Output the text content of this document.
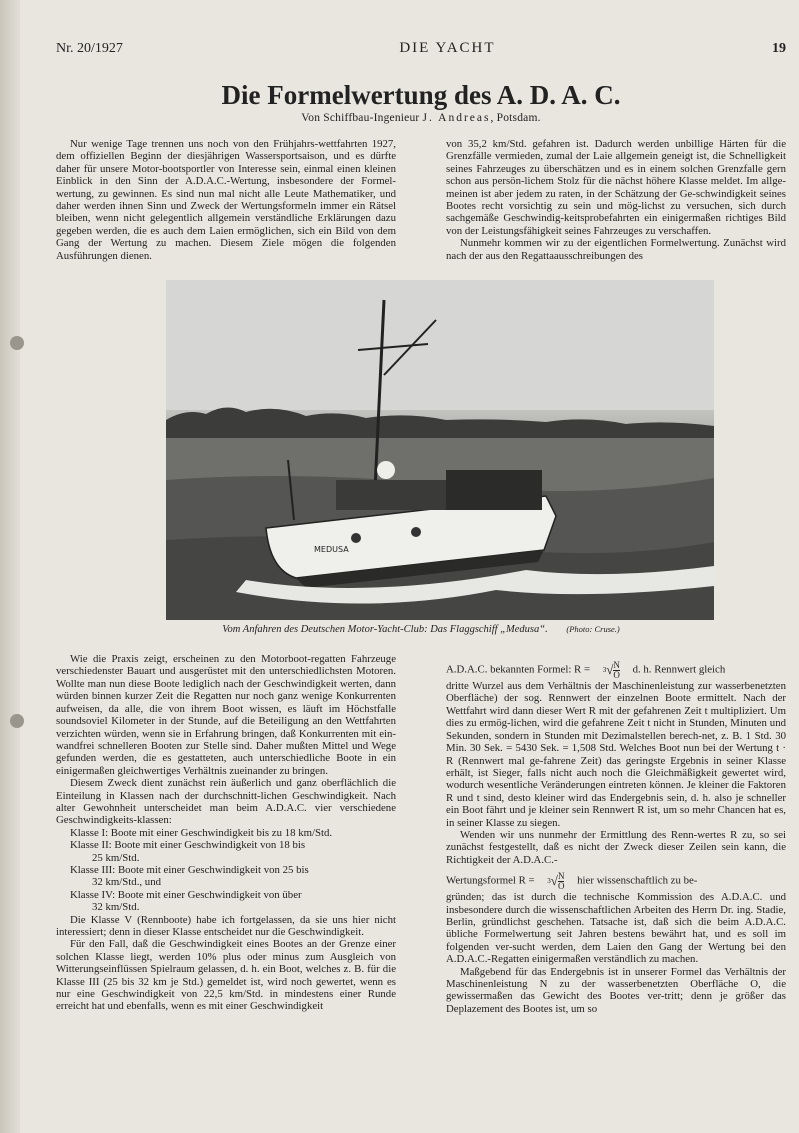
Nr. 20/1927	DIE YACHT	19
Die Formelwertung des A. D. A. C.
Von Schiffbau-Ingenieur J. Andreas, Potsdam.

Nur wenige Tage trennen uns noch von den Frühjahrs-wettfahrten 1927, dem offiziellen Beginn der diesjährigen Wassersportsaison, und es dürfte daher für unsere Motor-bootsportler von Interesse sein, einmal einen kleinen Einblick in den Sinn der A.D.A.C.-Wertung, insbesondere der Formel-wertung, zu gewinnen. Es sind nun mal nicht alle Leute Mathematiker, und daher werden ihnen Sinn und Zweck der Wertungsformeln immer ein Rätsel bleiben, wenn nicht gelegentlich allgemein verständliche Erklärungen dazu gegeben werden, die es auch dem Laien ermöglichen, sich ein Bild von dem Gang der Wertung zu machen. Diesem Ziele mögen die folgenden Ausführungen dienen.

von 35,2 km/Std. gefahren ist. Dadurch werden unbillige Härten für die Grenzfälle vermieden, zumal der Laie allgemein geneigt ist, die Schnelligkeit seines Fahrzeuges zu überschätzen und es in einem solchen Grenzfalle gern schon aus persön-lichem Stolz für die nächst höhere Klasse meldet. Im allge-meinen ist aber jedem zu raten, in der Schätzung der Ge-schwindigkeit seines Bootes recht vorsichtig zu sein und mög-lichst zu versuchen, sich durch sachgemäße Geschwindig-keitsprobefahrten ein einigermaßen richtiges Bild von der Leistungsfähigkeit seines Fahrzeuges zu verschaffen.

Nunmehr kommen wir zu der eigentlichen Formelwertung. Zunächst wird nach der aus den Regattaausschreibungen des

MEDUSA
Vom Anfahren des Deutschen Motor-Yacht-Club: Das Flaggschiff „Medusa“. (Photo: Cruse.)

Wie die Praxis zeigt, erscheinen zu den Motorboot-regatten Fahrzeuge verschiedenster Bauart und ausgerüstet mit den unterschiedlichsten Motoren. Wollte man nun diese Boote lediglich nach der Geschwindigkeit werten, dann würden binnen kurzer Zeit die Regatten nur noch ganz wenige Konkurrenten aufweisen, da alle, die von ihrem Boot wissen, es läuft im Höchstfalle soundsoviel Kilometer in der Stunde, auf die Beteiligung an den Wettfahrten verzichten würden, wenn sie in Erfahrung bringen, daß Konkurrenten mit ein-wandfrei schnelleren Booten zur Stelle sind. Daher mußten Mittel und Wege gefunden werden, die es gestatteten, auch unterschiedliche Boote in ein einigermaßen gleichwertiges Verhältnis zueinander zu bringen.

Diesem Zweck dient zunächst rein äußerlich und ganz oberflächlich die Einteilung in Klassen nach der durchschnitt-lichen Geschwindigkeit. Nach alter Gewohnheit unterscheidet man beim A.D.A.C. vier verschiedene Geschwindigkeits-klassen:

Klasse I: Boote mit einer Geschwindigkeit bis zu 18 km/Std.
Klasse II: Boote mit einer Geschwindigkeit von 18 bis
25 km/Std.
Klasse III: Boote mit einer Geschwindigkeit von 25 bis
32 km/Std., und
Klasse IV: Boote mit einer Geschwindigkeit von über
32 km/Std.

Die Klasse V (Rennboote) habe ich fortgelassen, da sie uns hier nicht interessiert; denn in dieser Klasse entscheidet nur die Geschwindigkeit.

Für den Fall, daß die Geschwindigkeit eines Bootes an der Grenze einer solchen Klasse liegt, werden 10% plus oder minus zum Ausgleich von Witterungseinflüssen Spielraum gelassen, d. h. ein Boot, welches z. B. für die Klasse III (25 bis 32 km je Std.) gemeldet ist, wird noch gewertet, wenn es nur eine Geschwindigkeit von 22,5 km/Std. in mindestens einer Runde erreicht hat und ebenfalls, wenn es mit einer Geschwindigkeit

A.D.A.C. bekannten Formel: R = 3 √ $\frac{N}{O} d$. h. Rennwert gleich

dritte Wurzel aus dem Verhältnis der Maschinenleistung zur wasserbenetzten Oberfläche) der sog. Rennwert der einzelnen Boote ermittelt. Nach der Wettfahrt wird dann dieser Wert R mit der gefahrenen Zeit t multipliziert. Um dies zu ermög-lichen, wird die gefahrene Zeit t nicht in Stunden, Minuten und Sekunden, sondern in Stunden mit Dezimalstellen berech-net, z. B. 1 Std. 30 Min. 30 Sek. = 5430 Sek. = 1,508 Std. Welches Boot nun bei der Wertung t · R (Rennwert mal ge-fahrene Zeit) das geringste Ergebnis in seiner Klasse erhält, ist Sieger, falls nicht auch noch die Gleichmäßigkeit gewertet wird, wodurch wesentliche Veränderungen eintreten können. Je kleiner die Faktoren R und t sind, desto kleiner wird das Endergebnis sein, d. h. also je schneller ein Boot fährt und je kleiner sein Rennwert R ist, um so mehr Chancen hat es, in seiner Klasse zu siegen.

Wenden wir uns nunmehr der Ermittlung des Renn-wertes R zu, so sei zunächst festgestellt, daß es nicht der Zweck dieser Zeilen sein kann, die Richtigkeit der A.D.A.C.-

Wertungsformel R = 3 √ $\frac{N}{O}$ hier wissenschaftlich zu be-

gründen; das ist durch die technische Kommission des A.D.A.C. und insbesondere durch die wissenschaftlichen Arbeiten des Herrn Dr. ing. Stadie, Berlin, gründlichst geschehen. Tatsache ist, daß sich die beim A.D.A.C. übliche Formelwertung seit Jahren bestens bewährt hat, und es soll im folgenden ver-sucht werden, dem Laien den Gang der Wertung bei den A.D.A.C.-Regatten einigermaßen verständlich zu machen.

Maßgebend für das Endergebnis ist in unserer Formel das Verhältnis der Maschinenleistung N zu der wasserbenetzten Oberfläche O, die gewissermaßen das Gewicht des Bootes ver-tritt; denn je größer das Deplazement des Bootes ist, um so
